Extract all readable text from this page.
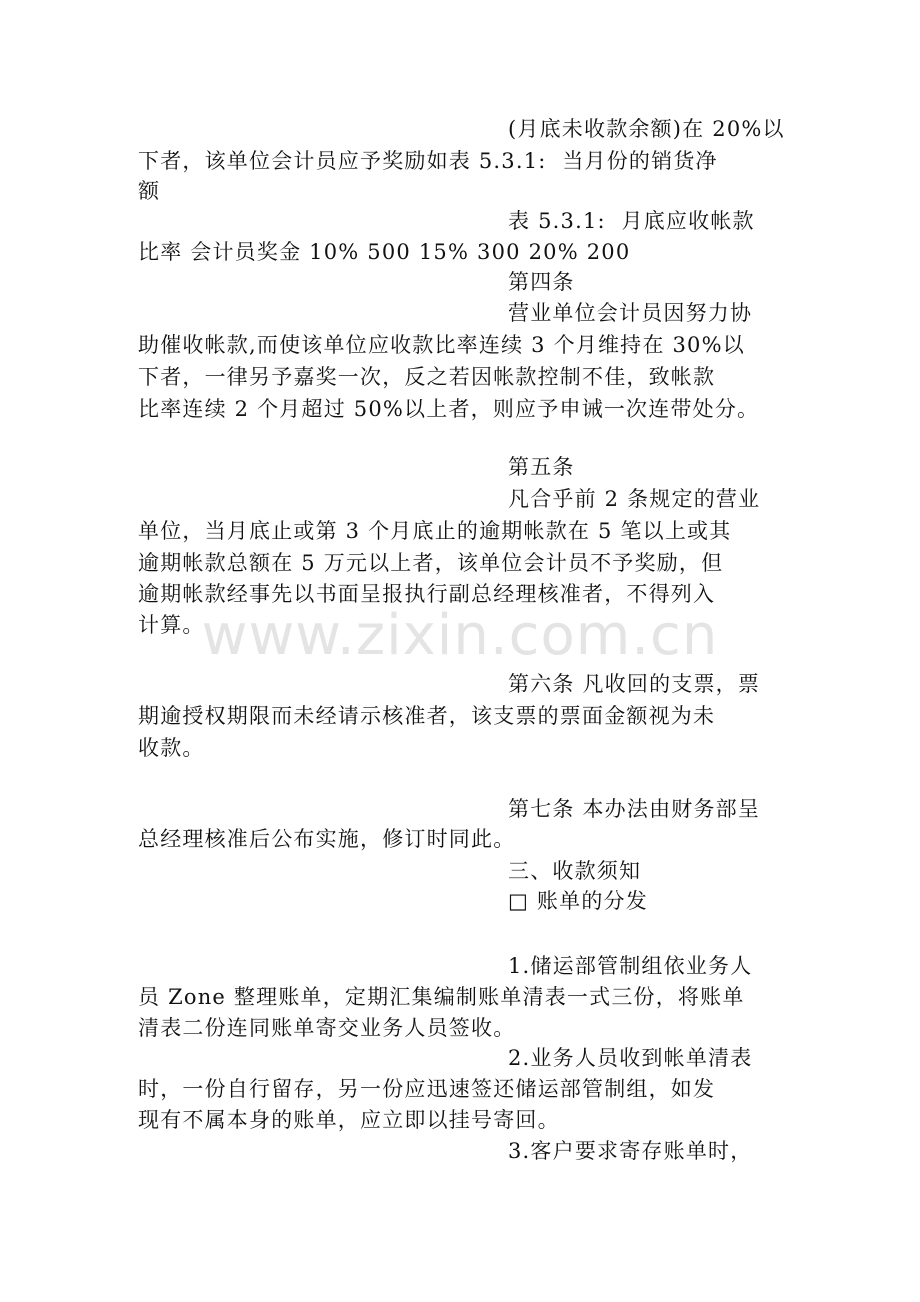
(月底未收款余额)在 20%以
下者，该单位会计员应予奖励如表 5.3.1:  当月份的销货净
额
表 5.3.1:  月底应收帐款
比率 会计员奖金 10% 500 15% 300 20% 200
第四条
营业单位会计员因努力协
助催收帐款,而使该单位应收款比率连续 3 个月维持在 30%以
下者，一律另予嘉奖一次，反之若因帐款控制不佳，致帐款
比率连续 2 个月超过 50%以上者，则应予申诫一次连带处分。
第五条
凡合乎前 2 条规定的营业
单位，当月底止或第 3 个月底止的逾期帐款在 5 笔以上或其
逾期帐款总额在 5 万元以上者，该单位会计员不予奖励，但
逾期帐款经事先以书面呈报执行副总经理核准者，不得列入
计算。
第六条 凡收回的支票，票
期逾授权期限而未经请示核准者，该支票的票面金额视为未
收款。
第七条 本办法由财务部呈
总经理核准后公布实施，修订时同此。
三、收款须知
□ 账单的分发
1.储运部管制组依业务人
员 Zone 整理账单，定期汇集编制账单清表一式三份，将账单
清表二份连同账单寄交业务人员签收。
2.业务人员收到帐单清表
时，一份自行留存，另一份应迅速签还储运部管制组，如发
现有不属本身的账单，应立即以挂号寄回。
3.客户要求寄存账单时，
www.zixin.com.cn
